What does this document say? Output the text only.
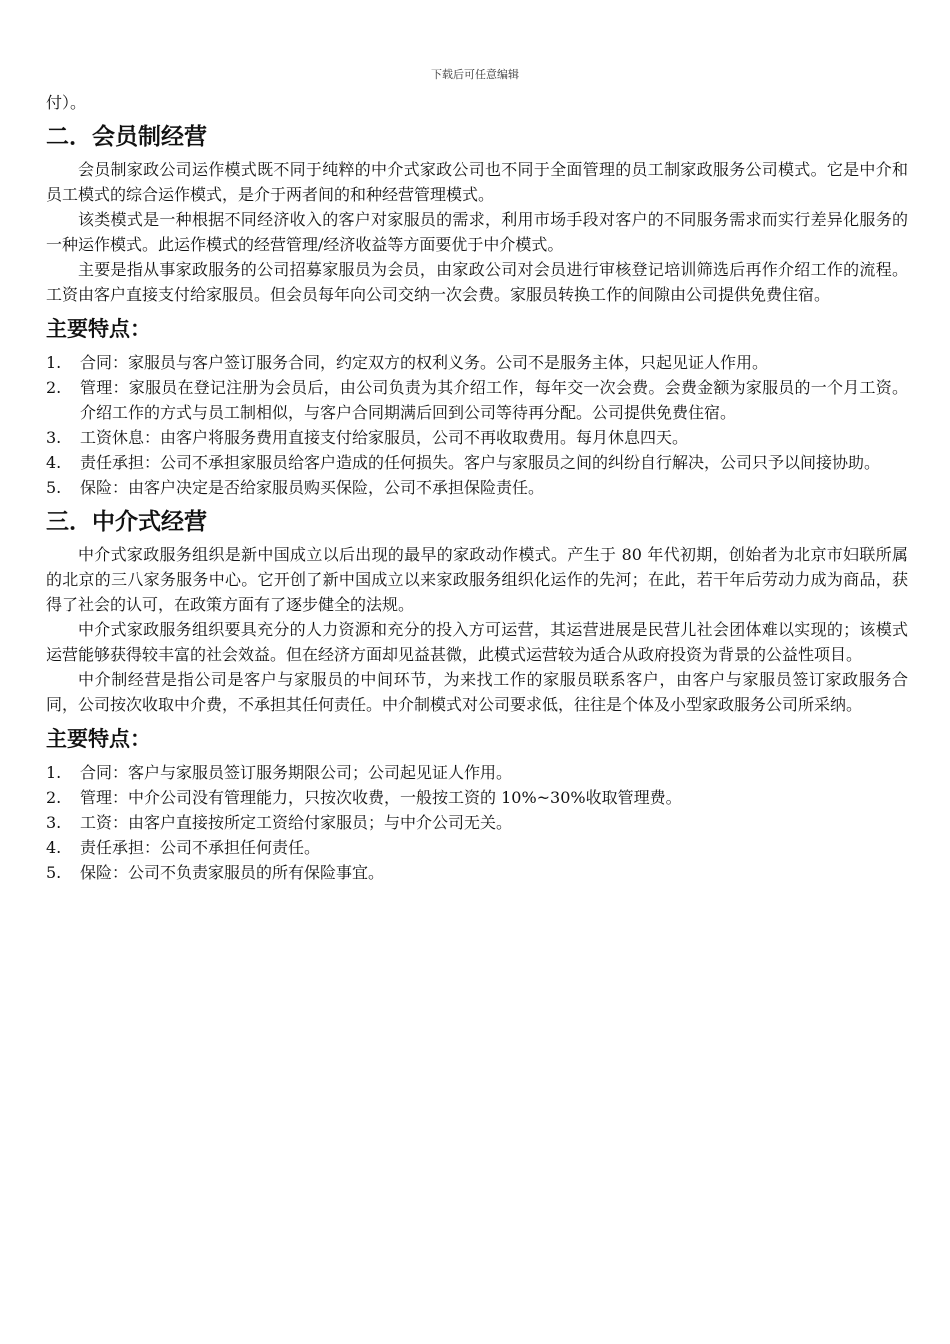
下载后可任意编辑

付）。

二．会员制经营

会员制家政公司运作模式既不同于纯粹的中介式家政公司也不同于全面管理的员工制家政服务公司模式。它是中介和员工模式的综合运作模式，是介于两者间的和种经营管理模式。

该类模式是一种根据不同经济收入的客户对家服员的需求，利用市场手段对客户的不同服务需求而实行差异化服务的一种运作模式。此运作模式的经营管理/经济收益等方面要优于中介模式。

主要是指从事家政服务的公司招募家服员为会员，由家政公司对会员进行审核登记培训筛选后再作介绍工作的流程。工资由客户直接支付给家服员。但会员每年向公司交纳一次会费。家服员转换工作的间隙由公司提供免费住宿。

主要特点：
1.	合同：家服员与客户签订服务合同，约定双方的权利义务。公司不是服务主体，只起见证人作用。
2.	管理：家服员在登记注册为会员后，由公司负责为其介绍工作，每年交一次会费。会费金额为家服员的一个月工资。介绍工作的方式与员工制相似，与客户合同期满后回到公司等待再分配。公司提供免费住宿。
3.	工资休息：由客户将服务费用直接支付给家服员，公司不再收取费用。每月休息四天。
4.	责任承担：公司不承担家服员给客户造成的任何损失。客户与家服员之间的纠纷自行解决，公司只予以间接协助。
5.	保险：由客户决定是否给家服员购买保险，公司不承担保险责任。
三．中介式经营

中介式家政服务组织是新中国成立以后出现的最早的家政动作模式。产生于 80 年代初期，创始者为北京市妇联所属的北京的三八家务服务中心。它开创了新中国成立以来家政服务组织化运作的先河；在此，若干年后劳动力成为商品，获得了社会的认可，在政策方面有了逐步健全的法规。

中介式家政服务组织要具充分的人力资源和充分的投入方可运营，其运营进展是民营儿社会团体难以实现的；该模式运营能够获得较丰富的社会效益。但在经济方面却见益甚微，此模式运营较为适合从政府投资为背景的公益性项目。

中介制经营是指公司是客户与家服员的中间环节，为来找工作的家服员联系客户，由客户与家服员签订家政服务合同，公司按次收取中介费，不承担其任何责任。中介制模式对公司要求低，往往是个体及小型家政服务公司所采纳。

主要特点：
1.	合同：客户与家服员签订服务期限公司；公司起见证人作用。
2.	管理：中介公司没有管理能力，只按次收费，一般按工资的 10%~30%收取管理费。
3.	工资：由客户直接按所定工资给付家服员；与中介公司无关。
4.	责任承担：公司不承担任何责任。
5.	保险：公司不负责家服员的所有保险事宜。
